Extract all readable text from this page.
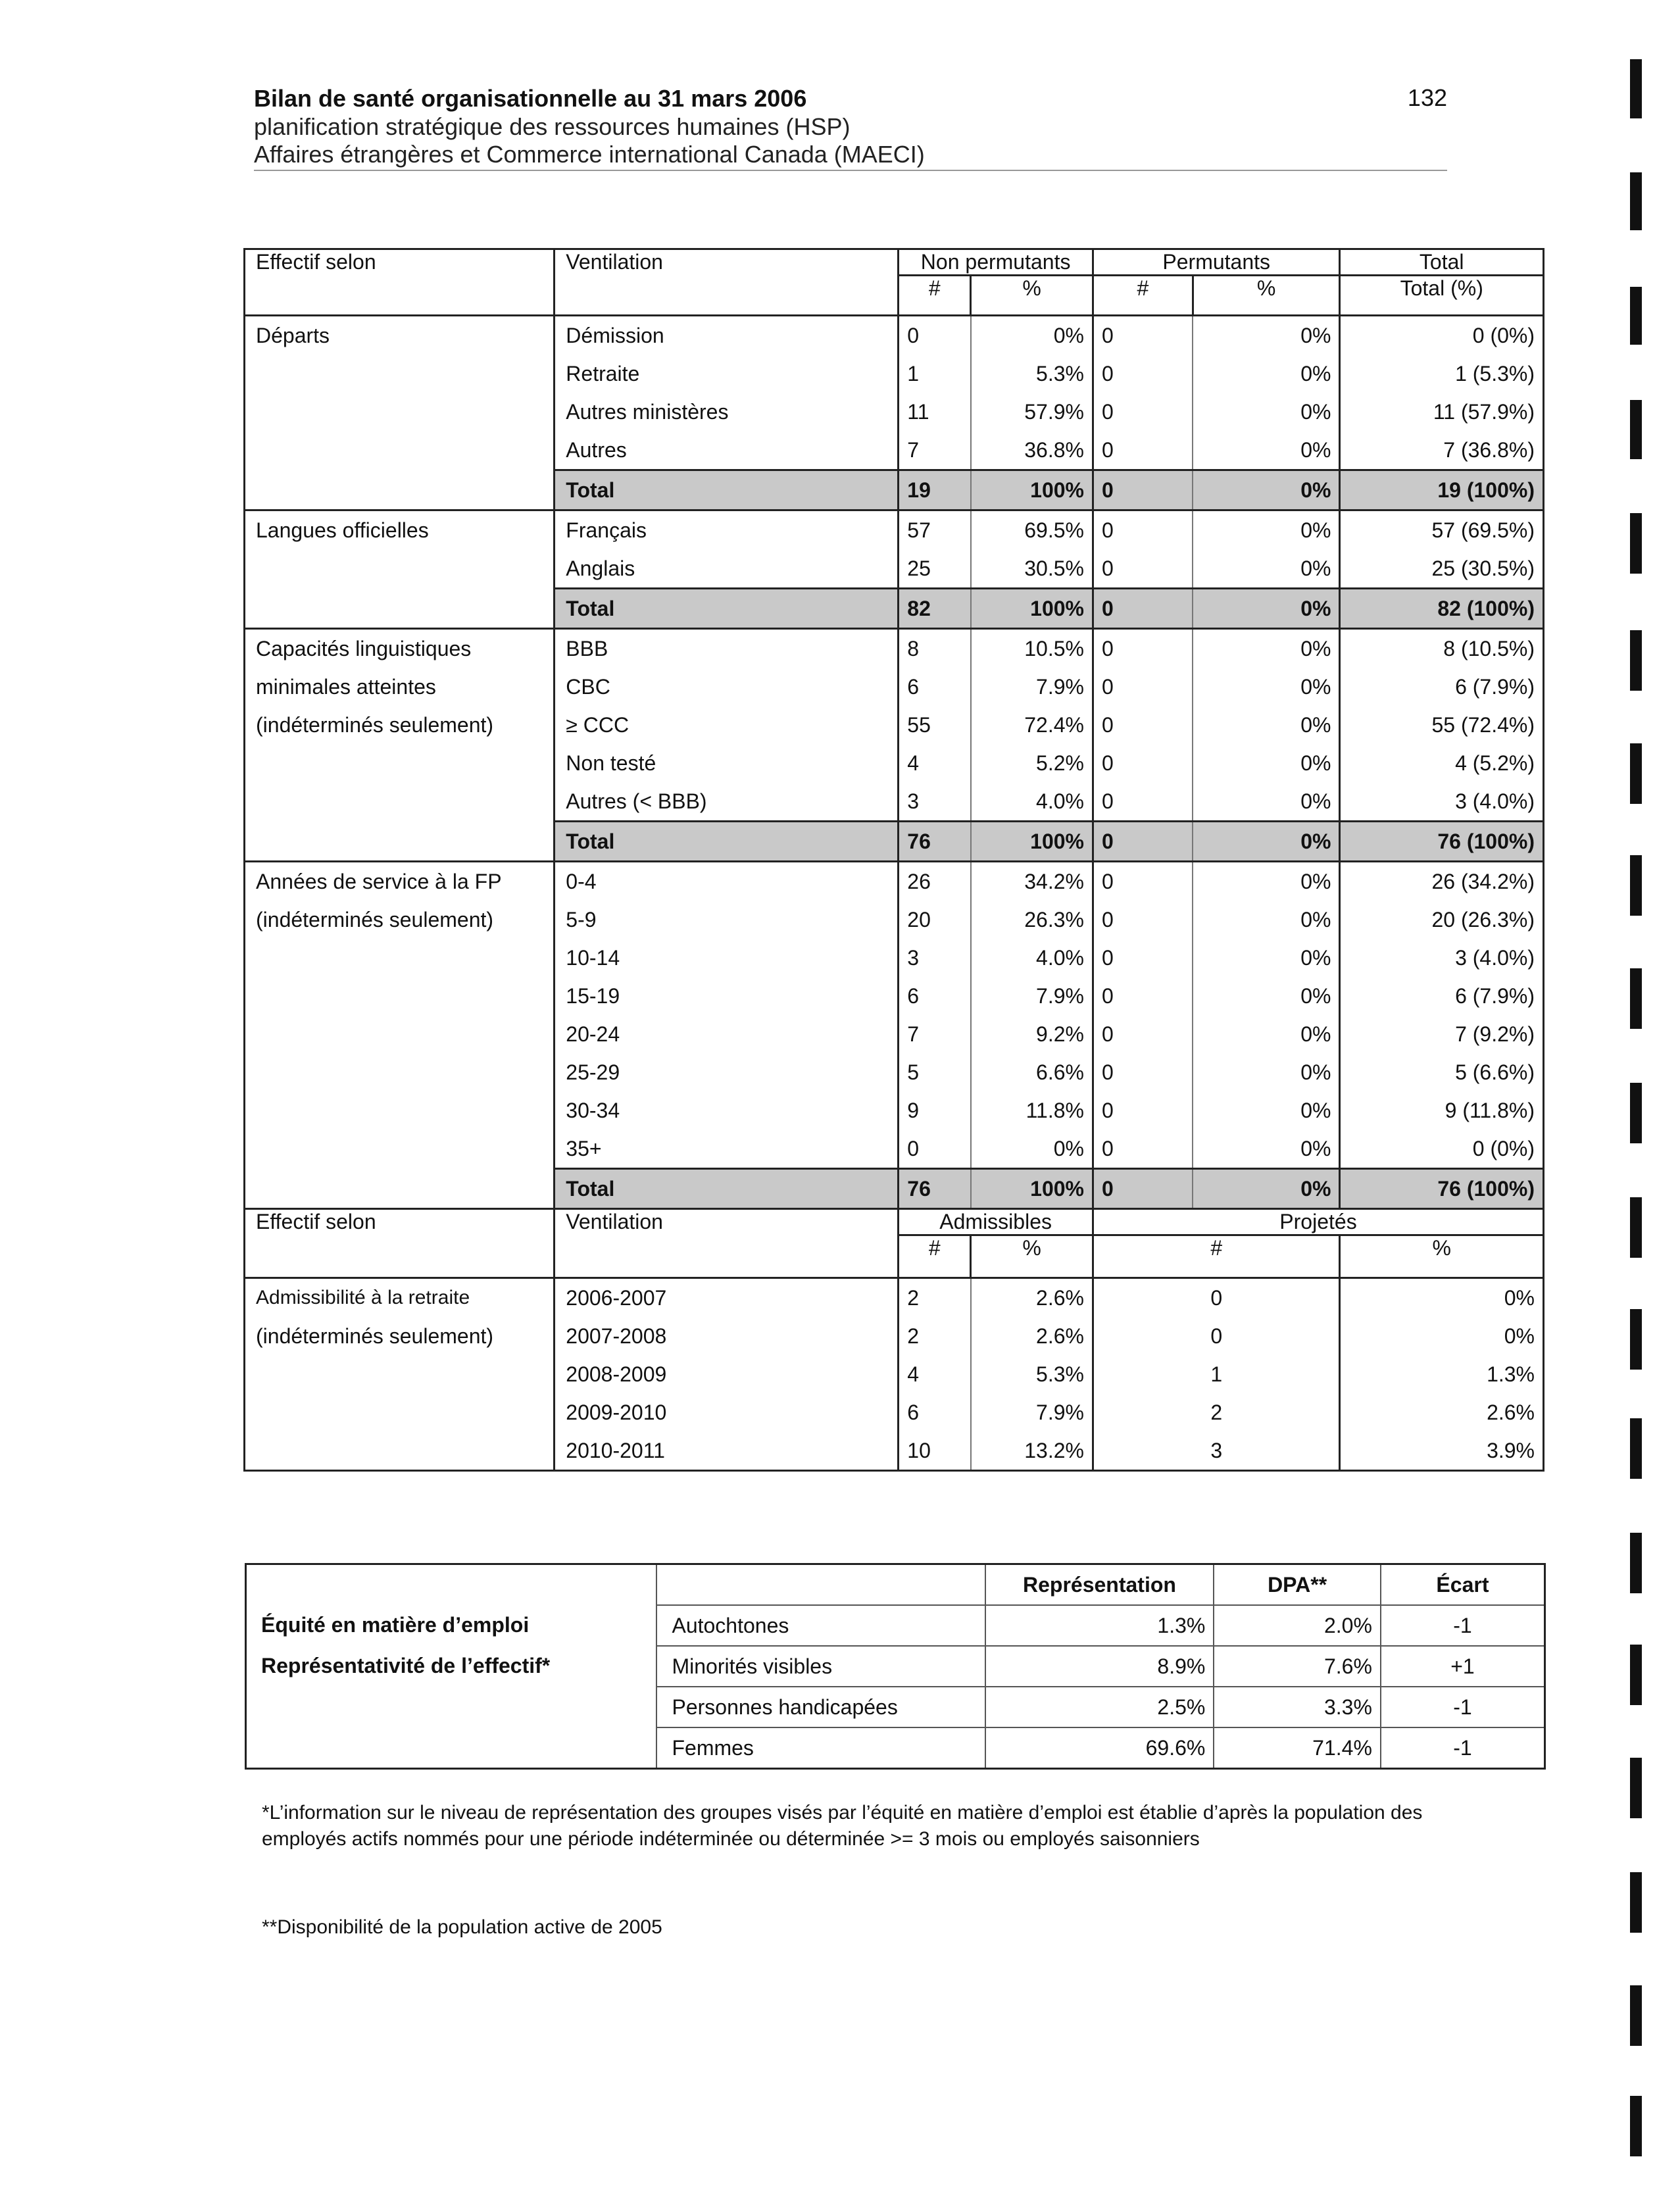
Bilan de santé organisationnelle au 31 mars 2006
planification stratégique des ressources humaines (HSP)
Affaires étrangères et Commerce international Canada (MAECI)
132
Effectif selon	Ventilation	Non permutants		Permutants		Total
		#	%	#	%	Total (%)

Départs	Démission	0	0%	0	0%	0 (0%)
	Retraite	1	5.3%	0	0%	1 (5.3%)
	Autres ministères	11	57.9%	0	0%	11 (57.9%)
	Autres	7	36.8%	0	0%	7 (36.8%)
	Total	19	100%	0	0%	19 (100%)

Langues officielles	Français	57	69.5%	0	0%	57 (69.5%)
	Anglais	25	30.5%	0	0%	25 (30.5%)
	Total	82	100%	0	0%	82 (100%)

Capacités linguistiques
minimales atteintes
(indéterminés seulement)	BBB	8	10.5%	0	0%	8 (10.5%)
	CBC	6	7.9%	0	0%	6 (7.9%)
	≥ CCC	55	72.4%	0	0%	55 (72.4%)
	Non testé	4	5.2%	0	0%	4 (5.2%)
	Autres (< BBB)	3	4.0%	0	0%	3 (4.0%)
	Total	76	100%	0	0%	76 (100%)

Années de service à la FP
(indéterminés seulement)	0-4	26	34.2%	0	0%	26 (34.2%)
	5-9	20	26.3%	0	0%	20 (26.3%)
	10-14	3	4.0%	0	0%	3 (4.0%)
	15-19	6	7.9%	0	0%	6 (7.9%)
	20-24	7	9.2%	0	0%	7 (9.2%)
	25-29	5	6.6%	0	0%	5 (6.6%)
	30-34	9	11.8%	0	0%	9 (11.8%)
	35+	0	0%	0	0%	0 (0%)
	Total	76	100%	0	0%	76 (100%)
Effectif selon	Ventilation	Admissibles		Projetés		
		#	%	#		%

Admissibilité à la retraite
(indéterminés seulement)	2006-2007	2	2.6%	0		0%
	2007-2008	2	2.6%	0		0%
	2008-2009	4	5.3%	1		1.3%
	2009-2010	6	7.9%	2		2.6%
	2010-2011	10	13.2%	3		3.9%
		Représentation	DPA**	Écart
Équité en matière d’emploi	Autochtones	1.3%	2.0%	-1
Représentativité de l’effectif*	Minorités visibles	8.9%	7.6%	+1
	Personnes handicapées	2.5%	3.3%	-1
	Femmes	69.6%	71.4%	-1
*L’information sur le niveau de représentation des groupes visés par l’équité en matière d’emploi est établie d’après la population des employés actifs nommés pour une période indéterminée ou déterminée >= 3 mois ou employés saisonniers
**Disponibilité de la population active de 2005
